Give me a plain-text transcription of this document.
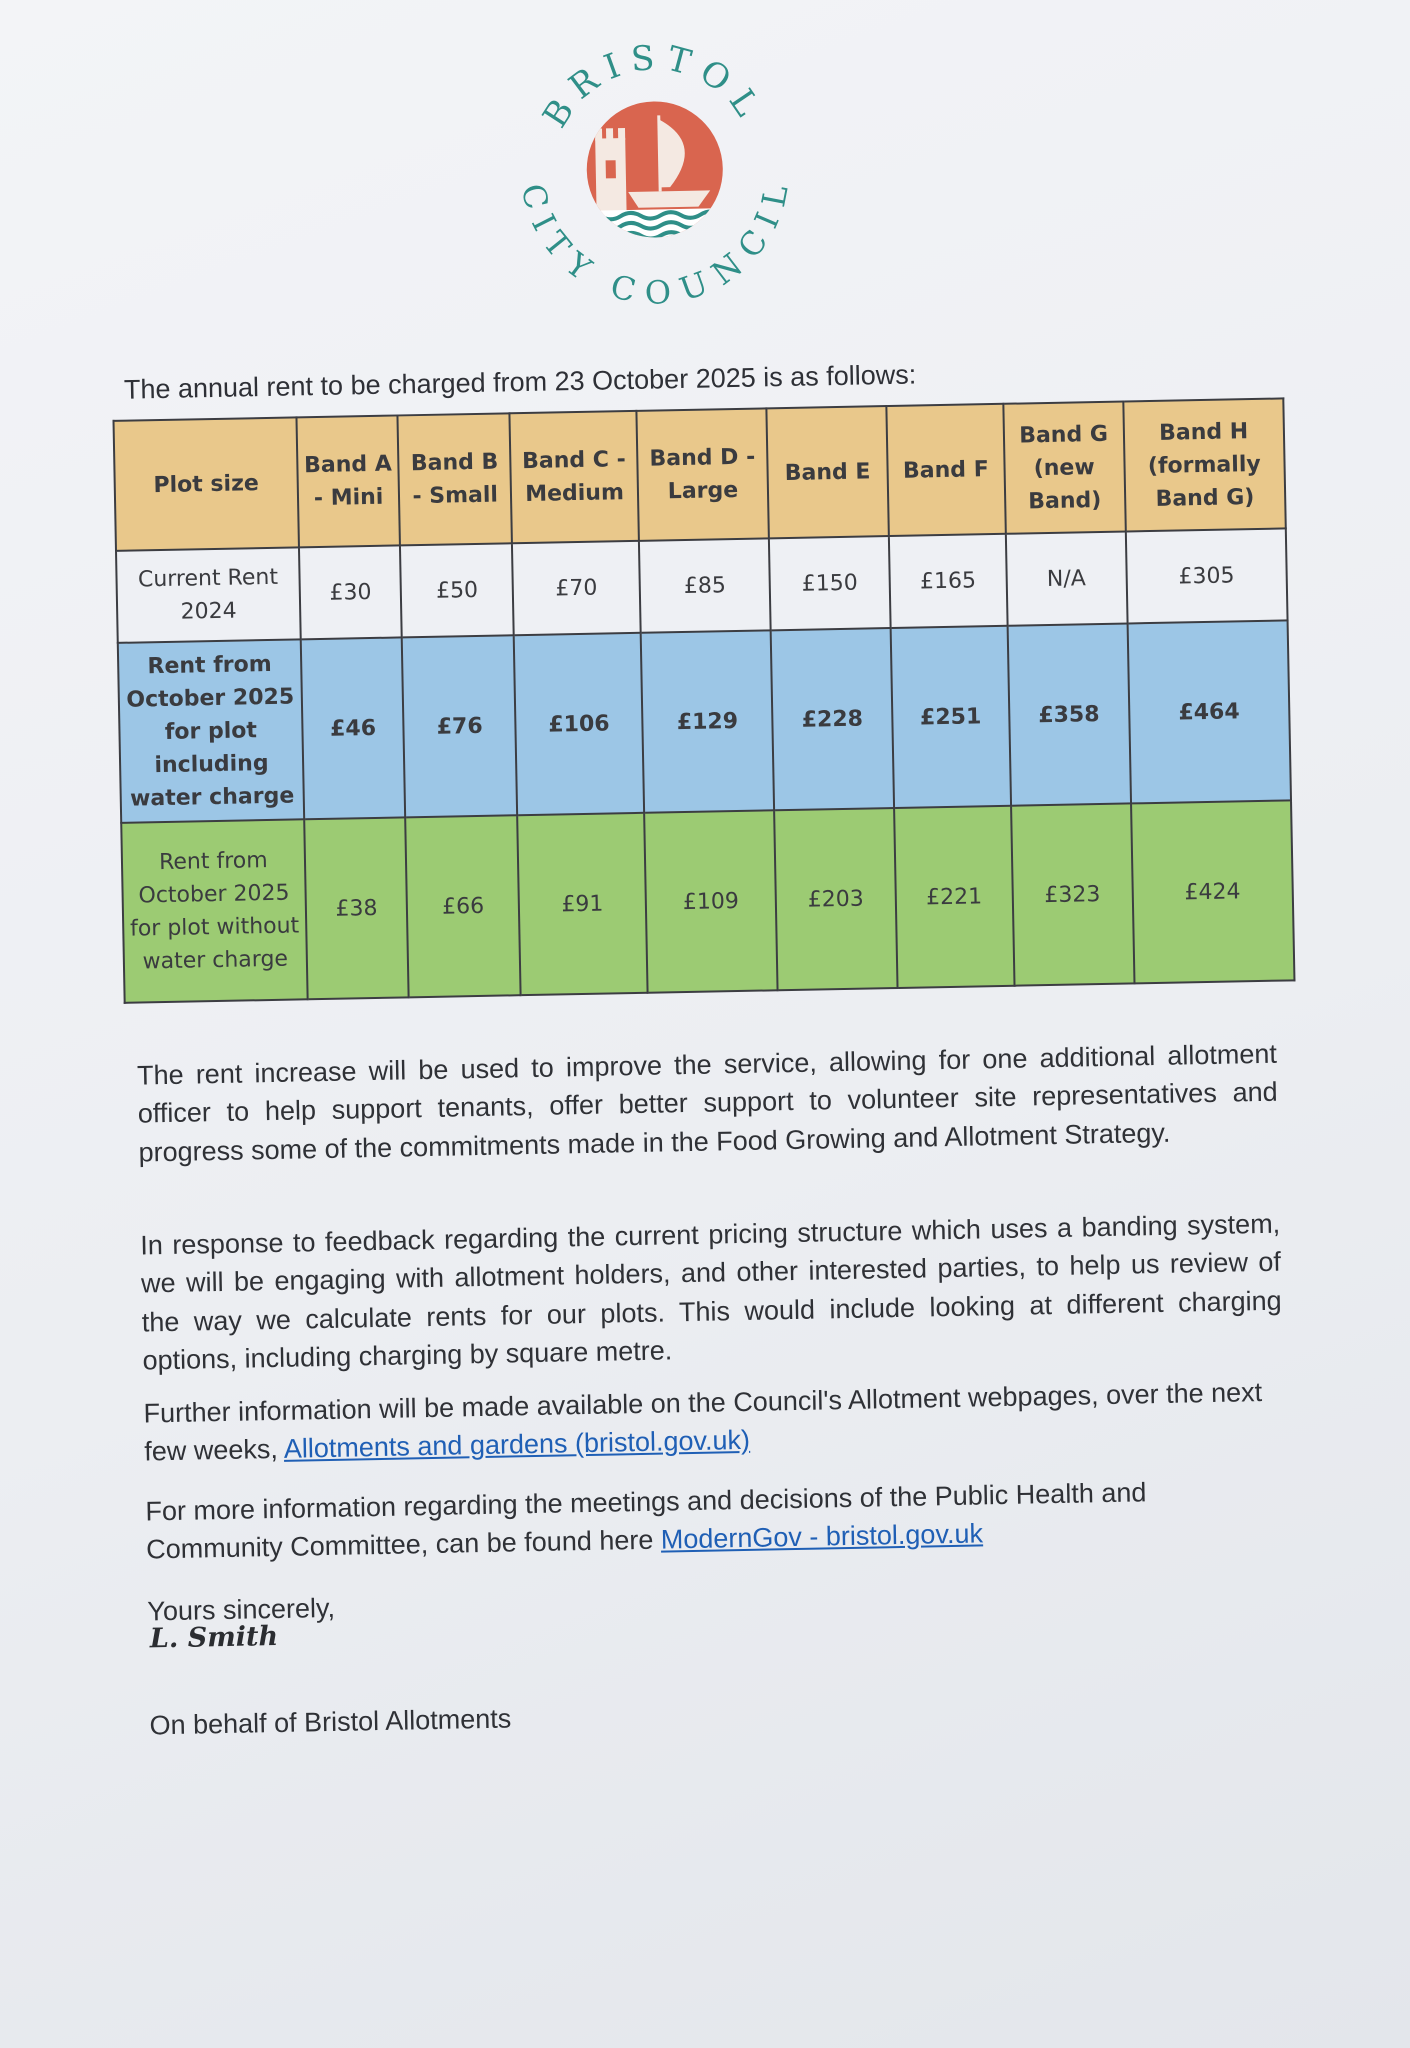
BRISTOL
CITY COUNCIL
The annual rent to be charged from 23 October 2025 is as follows:
Plot size	Band A - Mini	Band B - Small	Band C - Medium	Band D - Large	Band E	Band F	Band G (new Band)	Band H (formally Band G)
Current Rent 2024	£30	£50	£70	£85	£150	£165	N/A	£305
Rent from October 2025 for plot including water charge	£46	£76	£106	£129	£228	£251	£358	£464
Rent from October 2025 for plot without water charge	£38	£66	£91	£109	£203	£221	£323	£424

The rent increase will be used to improve the service, allowing for one additional allotment officer to help support tenants, offer better support to volunteer site representatives and progress some of the commitments made in the Food Growing and Allotment Strategy.

In response to feedback regarding the current pricing structure which uses a banding system, we will be engaging with allotment holders, and other interested parties, to help us review of the way we calculate rents for our plots. This would include looking at different charging options, including charging by square metre.

Further information will be made available on the Council's Allotment webpages, over the next few weeks, Allotments and gardens (bristol.gov.uk)

For more information regarding the meetings and decisions of the Public Health and Community Committee, can be found here ModernGov - bristol.gov.uk

Yours sincerely,

L. Smith

On behalf of Bristol Allotments
